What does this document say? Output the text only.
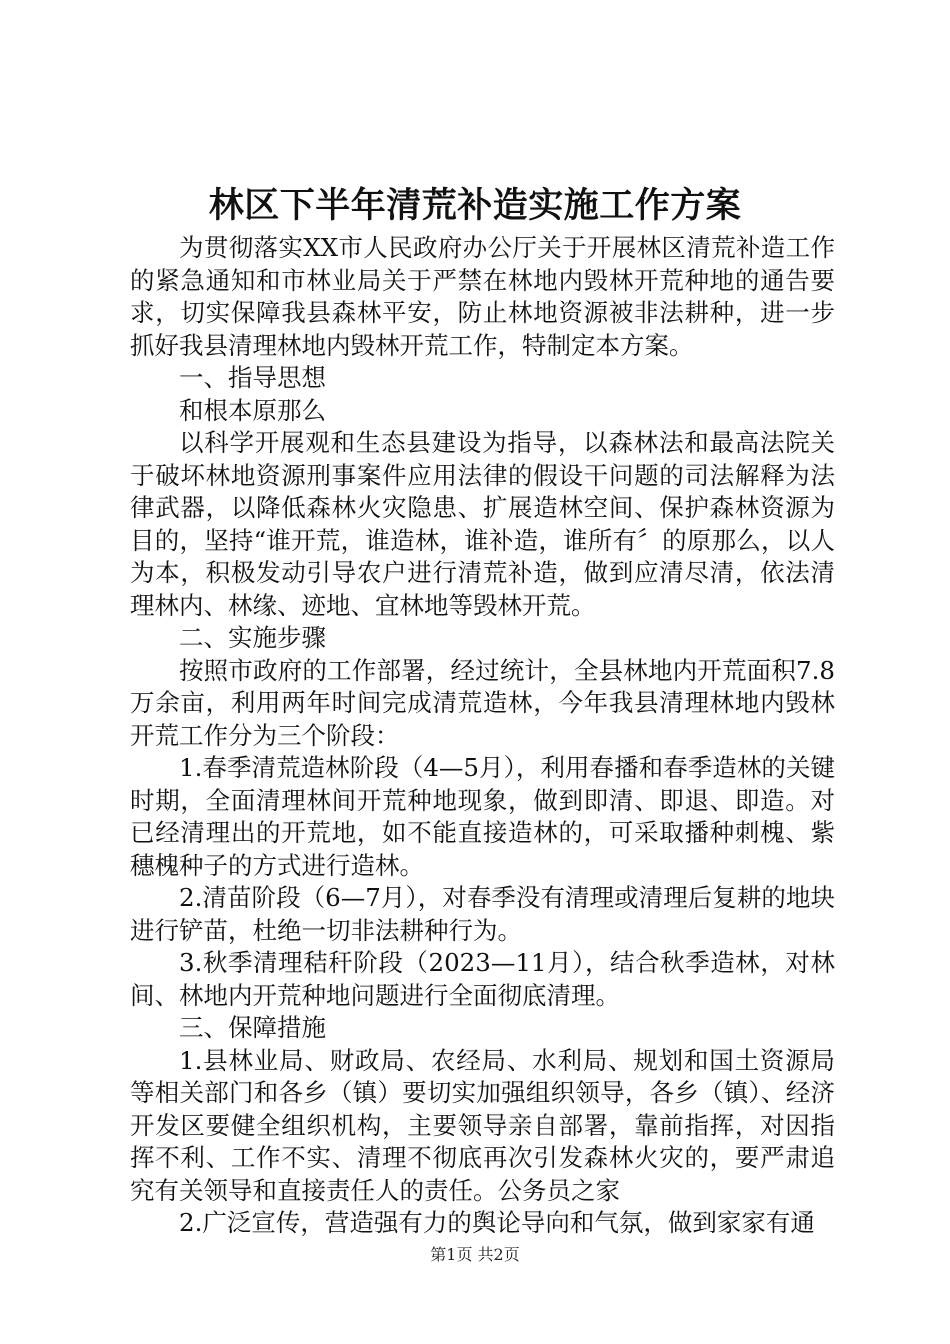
林区下半年清荒补造实施工作方案

为贯彻落实XX市人民政府办公厅关于开展林区清荒补造工作的紧急通知和市林业局关于严禁在林地内毁林开荒种地的通告要求，切实保障我县森林平安，防止林地资源被非法耕种，进一步抓好我县清理林地内毁林开荒工作，特制定本方案。

一、指导思想

和根本原那么

以科学开展观和生态县建设为指导，以森林法和最高法院关于破坏林地资源刑事案件应用法律的假设干问题的司法解释为法律武器，以降低森林火灾隐患、扩展造林空间、保护森林资源为目的，坚持“谁开荒，谁造林，谁补造，谁所有〞的原那么，以人为本，积极发动引导农户进行清荒补造，做到应清尽清，依法清理林内、林缘、迹地、宜林地等毁林开荒。

二、实施步骤

按照市政府的工作部署，经过统计，全县林地内开荒面积7.8万余亩，利用两年时间完成清荒造林，今年我县清理林地内毁林开荒工作分为三个阶段：

1.春季清荒造林阶段（4—5月），利用春播和春季造林的关键时期，全面清理林间开荒种地现象，做到即清、即退、即造。对已经清理出的开荒地，如不能直接造林的，可采取播种刺槐、紫穗槐种子的方式进行造林。

2.清苗阶段（6—7月），对春季没有清理或清理后复耕的地块进行铲苗，杜绝一切非法耕种行为。

3.秋季清理秸秆阶段（2023—11月），结合秋季造林，对林间、林地内开荒种地问题进行全面彻底清理。

三、保障措施

1.县林业局、财政局、农经局、水利局、规划和国土资源局等相关部门和各乡（镇）要切实加强组织领导，各乡（镇）、经济开发区要健全组织机构，主要领导亲自部署，靠前指挥，对因指挥不利、工作不实、清理不彻底再次引发森林火灾的，要严肃追究有关领导和直接责任人的责任。公务员之家

2.广泛宣传，营造强有力的舆论导向和气氛，做到家家有通

第1页 共2页
